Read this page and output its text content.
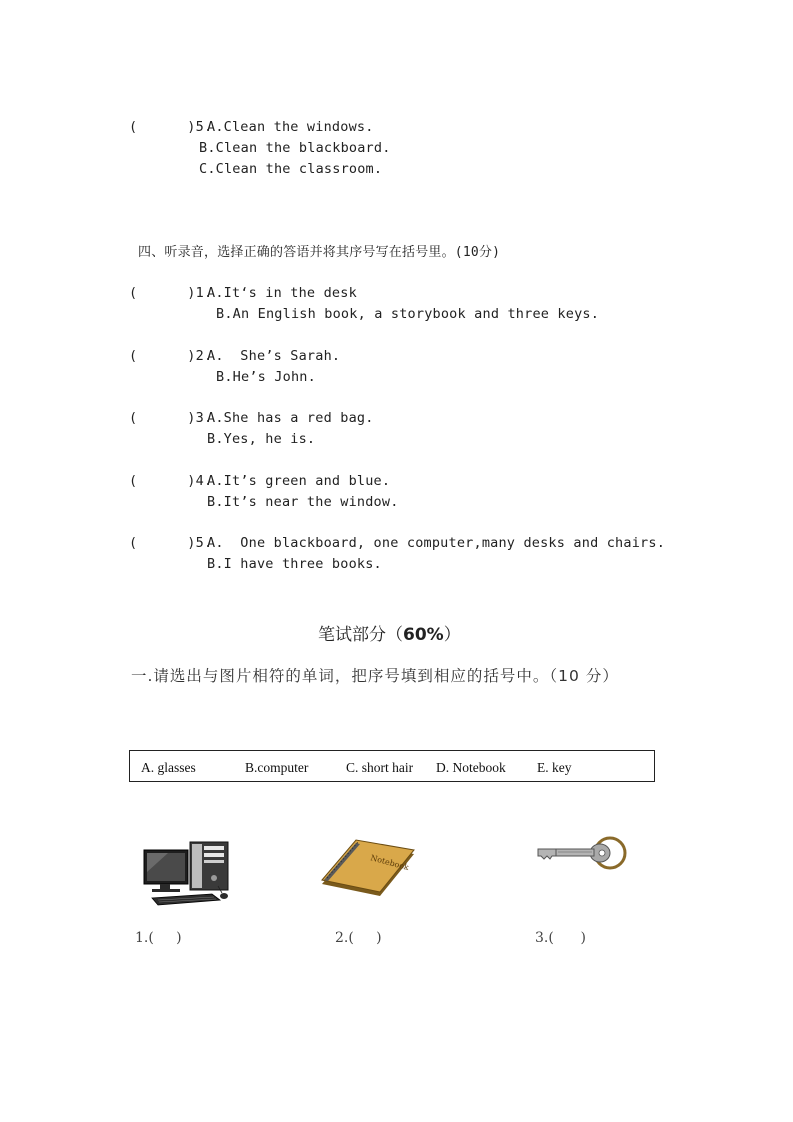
(      )5.
A.Clean the windows.
B.Clean the blackboard.
C.Clean the classroom.
四、听录音，选择正确的答语并将其序号写在括号里。(10分)
(      )1.
A.It‘s in the desk
B.An English book, a storybook and three keys.
(      )2.
A.  She’s Sarah.
B.He’s John.
(      )3.
A.She has a red bag.
B.Yes, he is.
(      )4.
A.It’s green and blue.
B.It’s near the window.
(      )5.
A.  One blackboard, one computer,many desks and chairs.
B.I have three books.
笔试部分（60%）
一.请选出与图片相符的单词，把序号填到相应的括号中。（10 分）
A. glasses	B.computer	C. short hair D. Notebook E. key
1.(     )
Notebook
2.(     )	3.(      )
